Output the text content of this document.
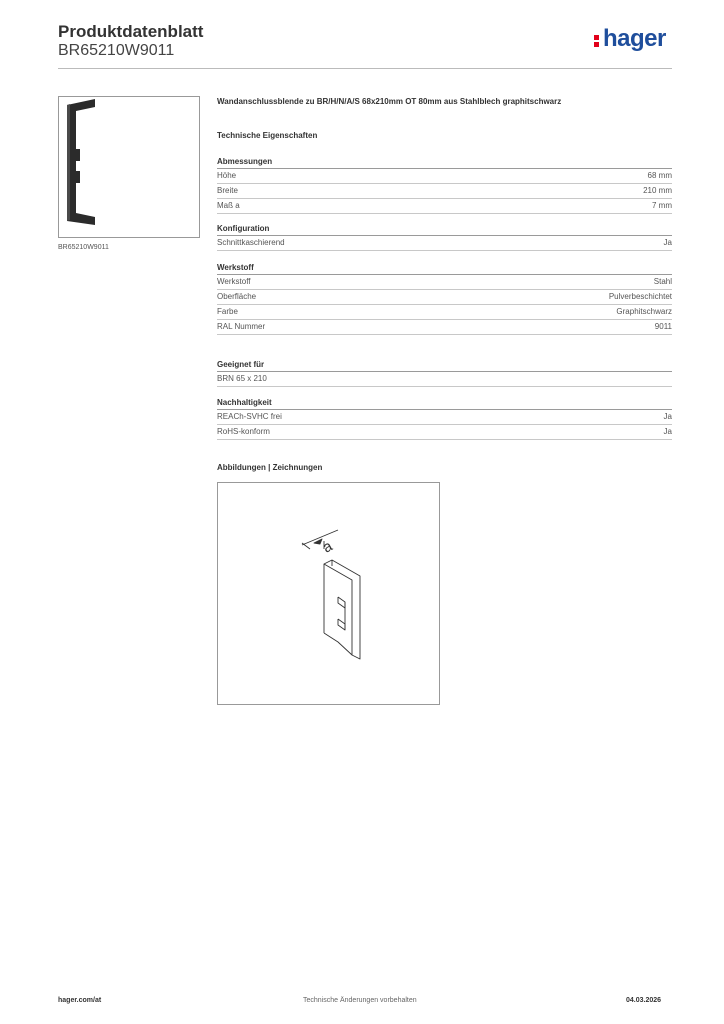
Produktdatenblatt
BR65210W9011	hager
BR65210W9011
Wandanschlussblende zu BR/H/N/A/S 68x210mm OT 80mm aus Stahlblech graphitschwarz
Technische Eigenschaften
Abmessungen
Höhe	68 mm
Breite	210 mm
Maß a	7 mm
Konfiguration
Schnittkaschierend	Ja
Werkstoff
Werkstoff	Stahl
Oberfläche	Pulverbeschichtet
Farbe	Graphitschwarz
RAL Nummer	9011
Geeignet für
BRN 65 x 210
Nachhaltigkeit
REACh-SVHC frei	Ja
RoHS-konform	Ja
Abbildungen | Zeichnungen
a
hager.com/at	Technische Änderungen vorbehalten	04.03.2026
